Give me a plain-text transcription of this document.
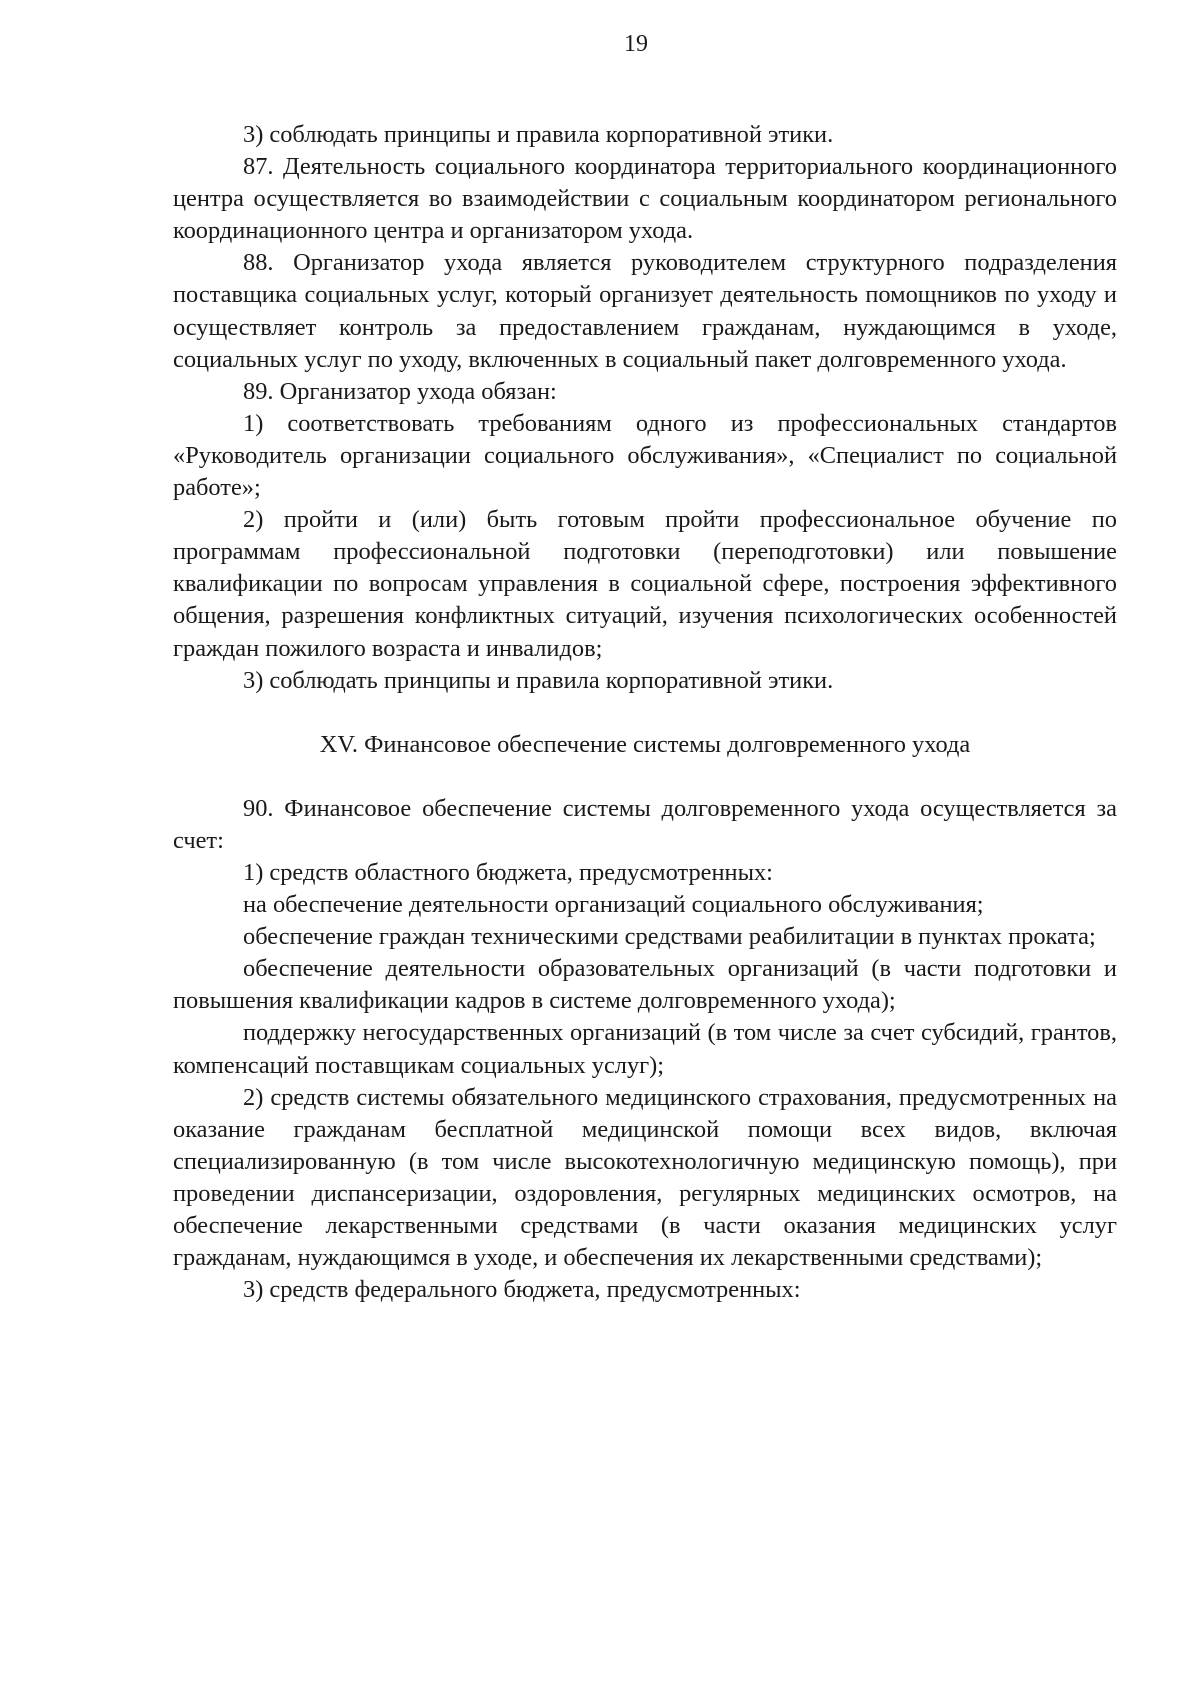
19

3) соблюдать принципы и правила корпоративной этики.

87. Деятельность социального координатора территориального координационного центра осуществляется во взаимодействии с социальным координатором регионального координационного центра и организатором ухода.

88. Организатор ухода является руководителем структурного подразделения поставщика социальных услуг, который организует деятельность помощников по уходу и осуществляет контроль за предоставлением гражданам, нуждающимся в уходе, социальных услуг по уходу, включенных в социальный пакет долговременного ухода.

89. Организатор ухода обязан:

1) соответствовать требованиям одного из профессиональных стандартов «Руководитель организации социального обслуживания», «Специалист по социальной работе»;

2) пройти и (или) быть готовым пройти профессиональное обучение по программам профессиональной подготовки (переподготовки) или повышение квалификации по вопросам управления в социальной сфере, построения эффективного общения, разрешения конфликтных ситуаций, изучения психологических особенностей граждан пожилого возраста и инвалидов;

3) соблюдать принципы и правила корпоративной этики.

XV. Финансовое обеспечение системы долговременного ухода

90. Финансовое обеспечение системы долговременного ухода осуществляется за счет:

1) средств областного бюджета, предусмотренных:

на обеспечение деятельности организаций социального обслуживания;

обеспечение граждан техническими средствами реабилитации в пунктах проката;

обеспечение деятельности образовательных организаций (в части подготовки и повышения квалификации кадров в системе долговременного ухода);

поддержку негосударственных организаций (в том числе за счет субсидий, грантов, компенсаций поставщикам социальных услуг);

2) средств системы обязательного медицинского страхования, предусмотренных на оказание гражданам бесплатной медицинской помощи всех видов, включая специализированную (в том числе высокотехнологичную медицинскую помощь), при проведении диспансеризации, оздоровления, регулярных медицинских осмотров, на обеспечение лекарственными средствами (в части оказания медицинских услуг гражданам, нуждающимся в уходе, и обеспечения их лекарственными средствами);

3) средств федерального бюджета, предусмотренных:
